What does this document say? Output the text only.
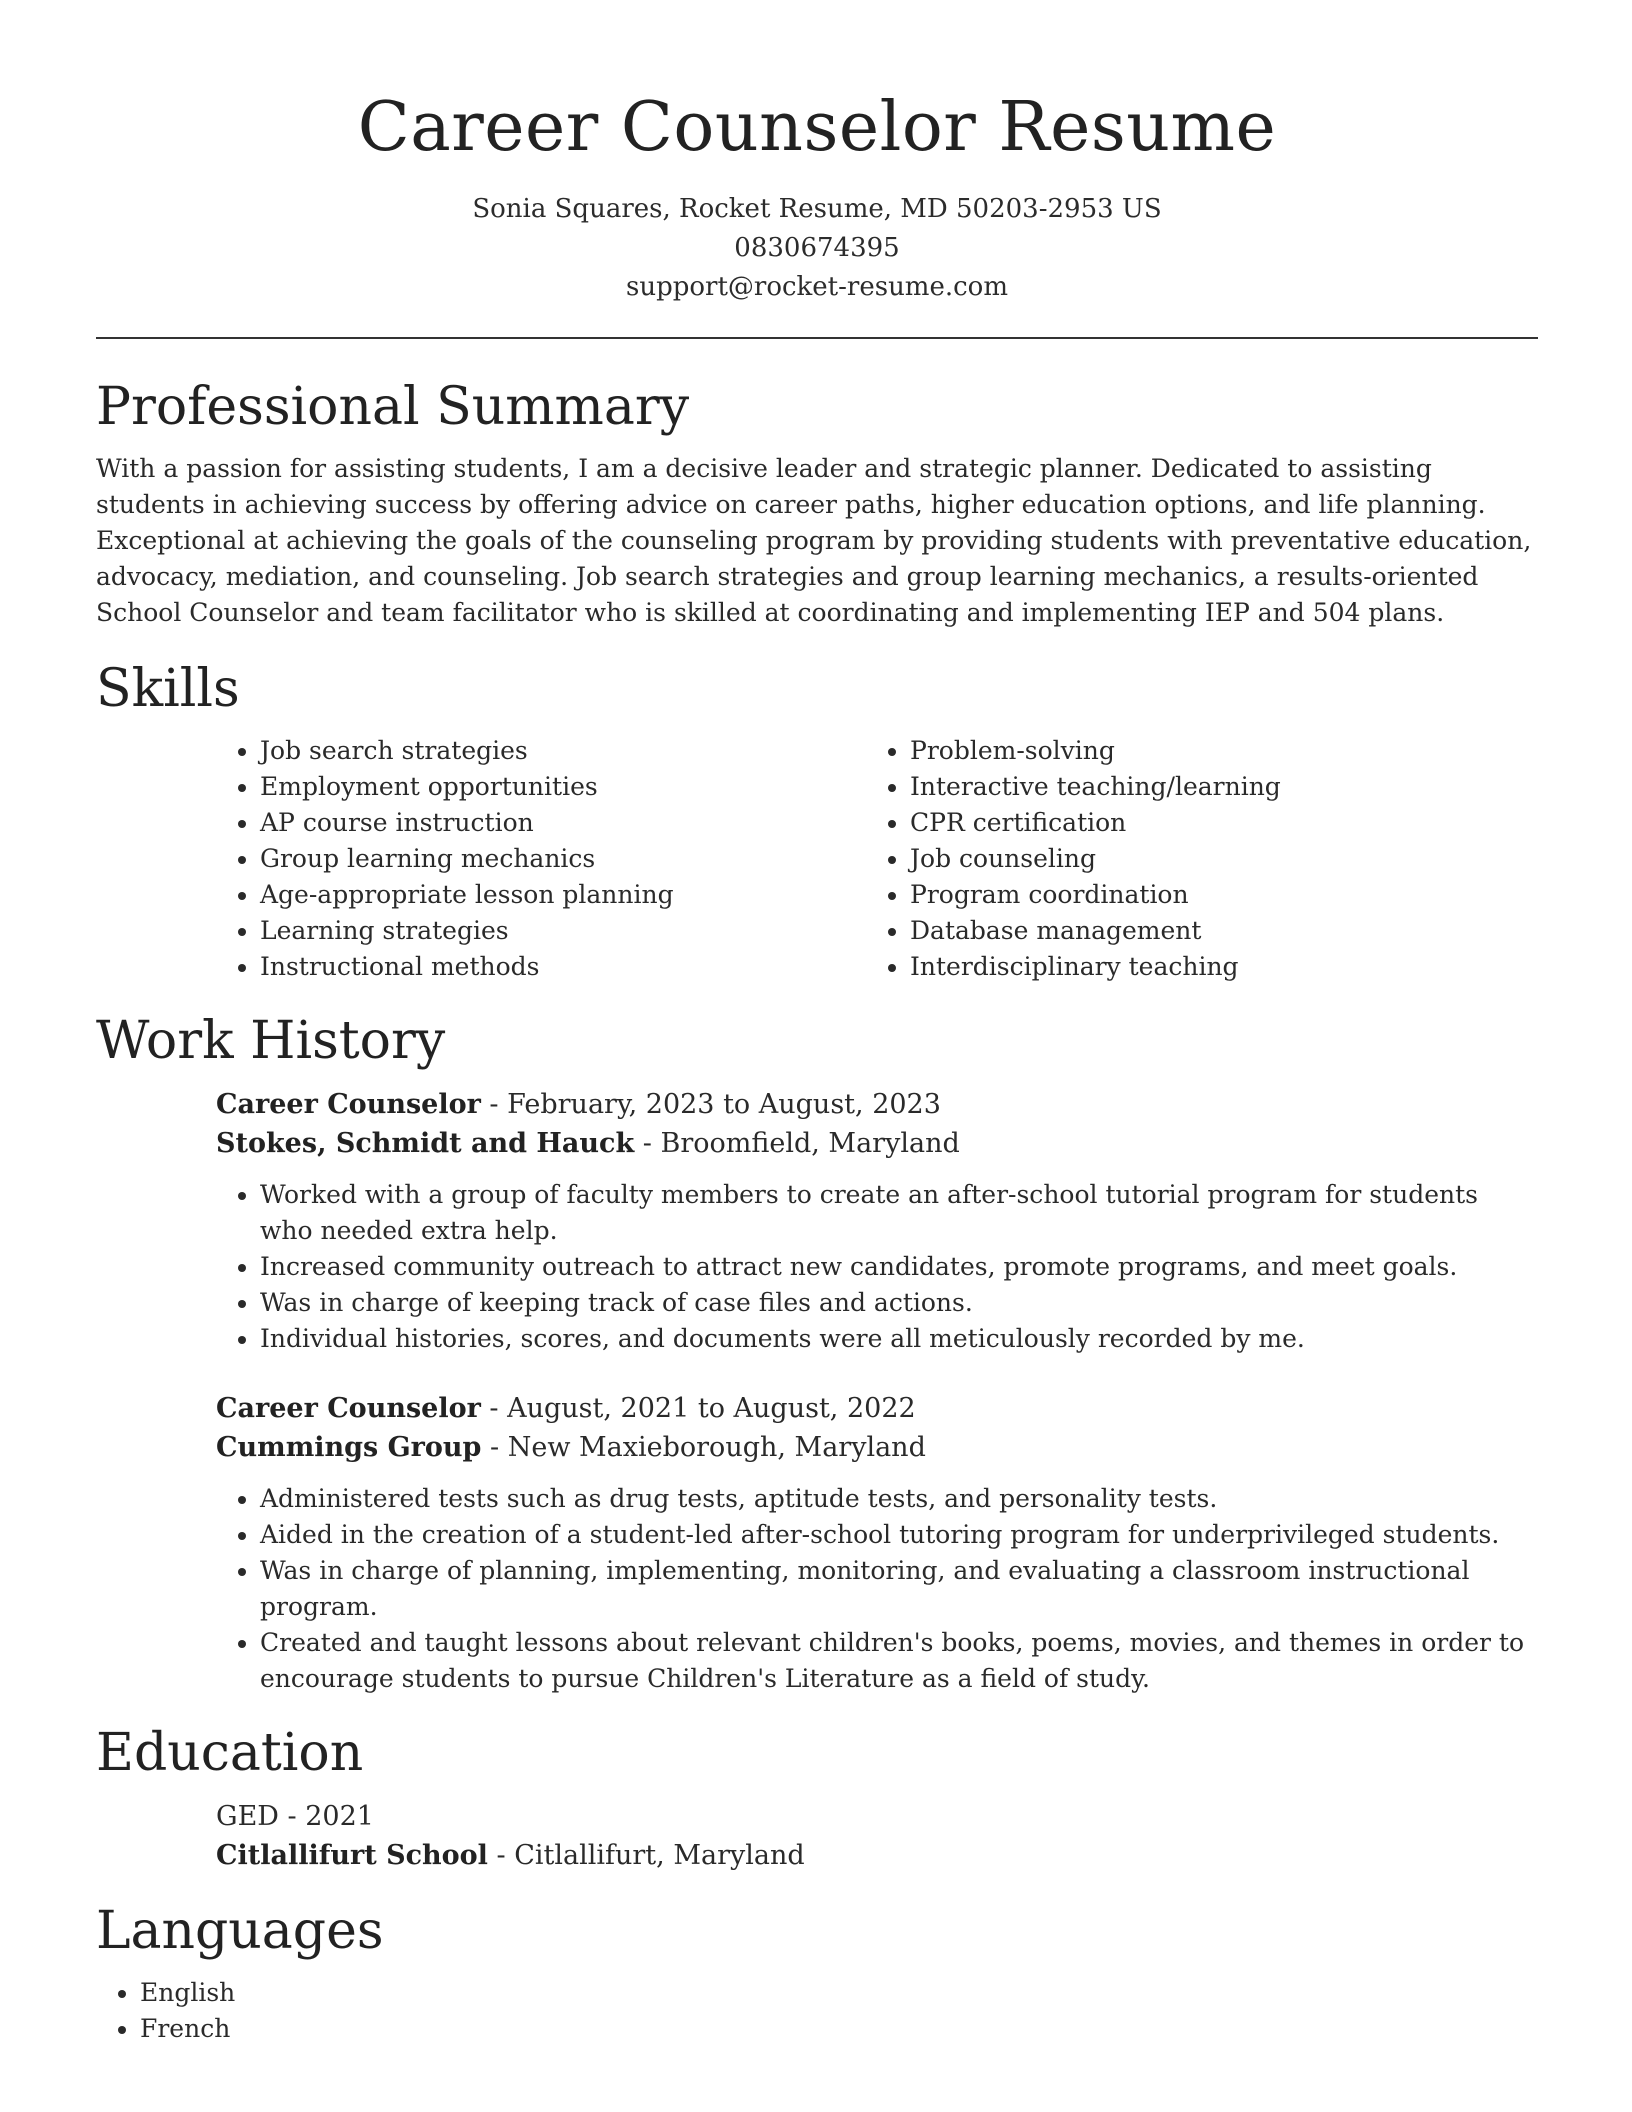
Career Counselor Resume
Sonia Squares, Rocket Resume, MD 50203-2953 US
0830674395
support@rocket-resume.com
Professional Summary

With a passion for assisting students, I am a decisive leader and strategic planner. Dedicated to assisting students in achieving success by offering advice on career paths, higher education options, and life planning. Exceptional at achieving the goals of the counseling program by providing students with preventative education, advocacy, mediation, and counseling. Job search strategies and group learning mechanics, a results-oriented School Counselor and team facilitator who is skilled at coordinating and implementing IEP and 504 plans.

Skills
• Job search strategies
• Employment opportunities
• AP course instruction
• Group learning mechanics
• Age-appropriate lesson planning
• Learning strategies
• Instructional methods
• Problem-solving
• Interactive teaching/learning
• CPR certification
• Job counseling
• Program coordination
• Database management
• Interdisciplinary teaching
Work History
Career Counselor - February, 2023 to August, 2023
Stokes, Schmidt and Hauck - Broomfield, Maryland
• Worked with a group of faculty members to create an after-school tutorial program for students who needed extra help.
• Increased community outreach to attract new candidates, promote programs, and meet goals.
• Was in charge of keeping track of case files and actions.
• Individual histories, scores, and documents were all meticulously recorded by me.
Career Counselor - August, 2021 to August, 2022
Cummings Group - New Maxieborough, Maryland
• Administered tests such as drug tests, aptitude tests, and personality tests.
• Aided in the creation of a student-led after-school tutoring program for underprivileged students.
• Was in charge of planning, implementing, monitoring, and evaluating a classroom instructional program.
• Created and taught lessons about relevant children's books, poems, movies, and themes in order to encourage students to pursue Children's Literature as a field of study.
Education
GED - 2021
Citlallifurt School - Citlallifurt, Maryland
Languages
• English
• French
